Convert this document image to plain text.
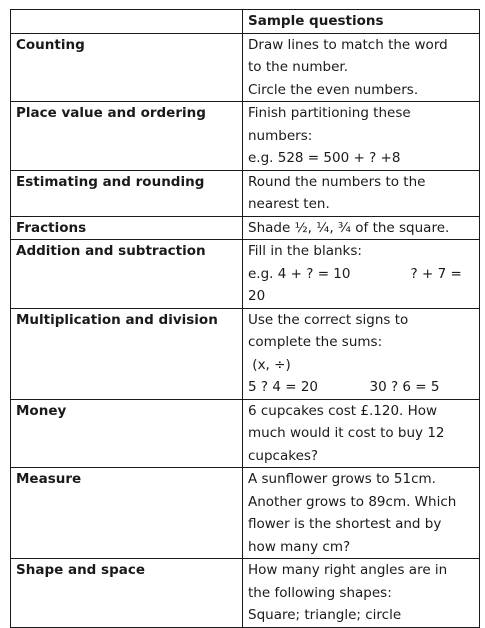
	Sample questions
Counting	Draw lines to match the word
to the number.
Circle the even numbers.
Place value and ordering	Finish partitioning these
numbers:
e.g. 528 = 500 + ? +8
Estimating and rounding	Round the numbers to the
nearest ten.
Fractions	Shade ½, ¼, ¾ of the square.
Addition and subtraction	Fill in the blanks:
e.g. 4 + ? = 10              ? + 7 =
20
Multiplication and division	Use the correct signs to
complete the sums:
(x, ÷)
5 ? 4 = 20            30 ? 6 = 5
Money	6 cupcakes cost £.120. How
much would it cost to buy 12
cupcakes?
Measure	A sunflower grows to 51cm.
Another grows to 89cm. Which
flower is the shortest and by
how many cm?
Shape and space	How many right angles are in
the following shapes:
Square; triangle; circle
